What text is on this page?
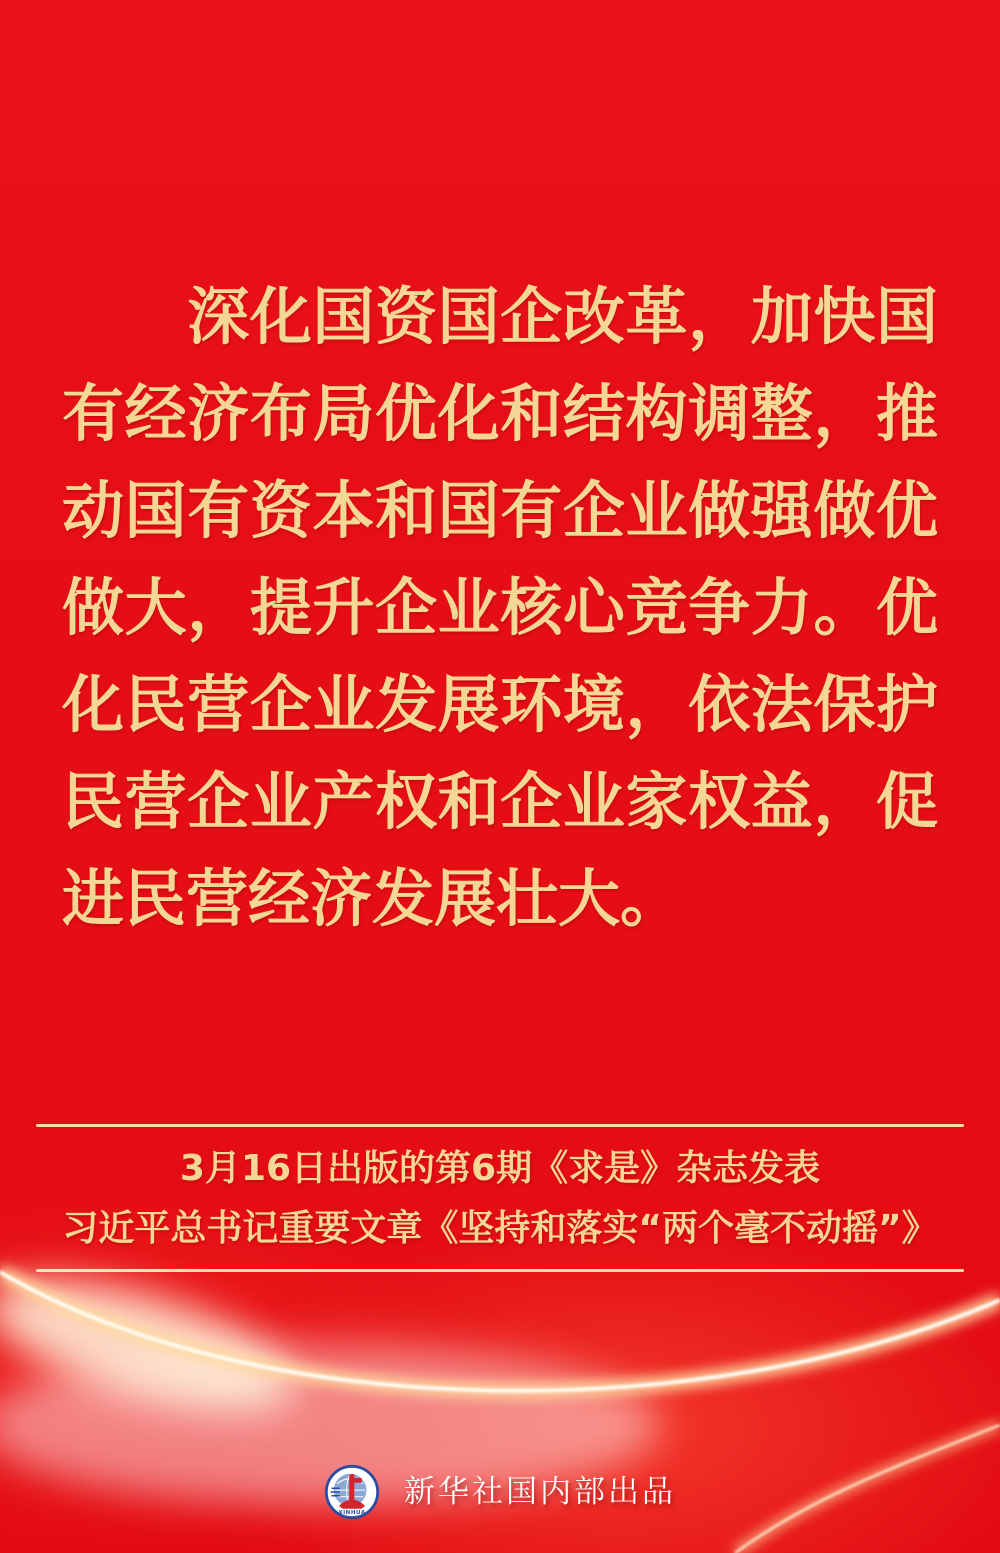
　　深化国资国企改革，加快国
有经济布局优化和结构调整，推
动国有资本和国有企业做强做优
做大，提升企业核心竞争力。优
化民营企业发展环境，依法保护
民营企业产权和企业家权益，促
进民营经济发展壮大。
3月16日出版的第6期《求是》杂志发表
习近平总书记重要文章《坚持和落实“两个毫不动摇”》
XINHUA
新华社国内部出品
